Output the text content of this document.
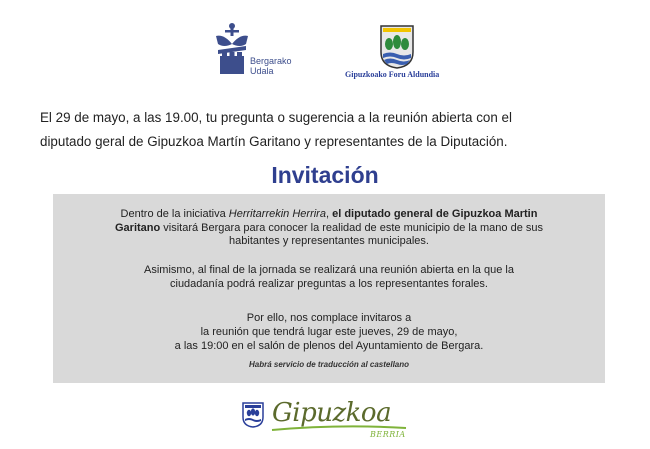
Bergarako
Udala	Gipuzkoako Foru Aldundia

El 29 de mayo, a las 19.00, tu pregunta o sugerencia a la reunión abierta con el

diputado geral de Gipuzkoa Martín Garitano y representantes de la Diputación.

Invitación
Dentro de la iniciativa Herritarrekin Herrira, el diputado general de Gipuzkoa Martin Garitano visitará Bergara para conocer la realidad de este municipio de la mano de sus habitantes y representantes municipales.
Asimismo, al final de la jornada se realizará una reunión abierta en la que la ciudadanía podrá realizar preguntas a los representantes forales.
Por ello, nos complace invitaros a
la reunión que tendrá lugar este jueves, 29 de mayo,
a las 19:00 en el salón de plenos del Ayuntamiento de Bergara.
Habrá servicio de traducción al castellano
Gipuzkoa
BERRIA
